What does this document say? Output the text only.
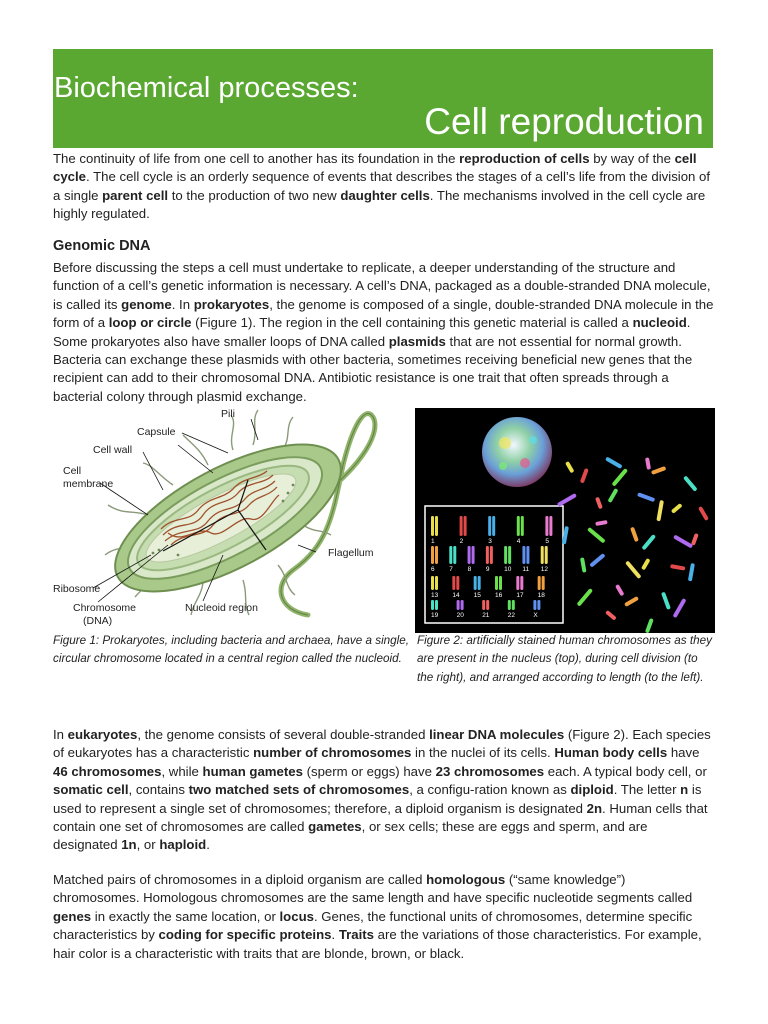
Biochemical processes:
Cell reproduction

The continuity of life from one cell to another has its foundation in the reproduction of cells by way of the cell cycle. The cell cycle is an orderly sequence of events that describes the stages of a cell’s life from the division of a single parent cell to the production of two new daughter cells. The mechanisms involved in the cell cycle are highly regulated.

Genomic DNA

Before discussing the steps a cell must undertake to replicate, a deeper understanding of the structure and function of a cell’s genetic information is necessary. A cell’s DNA, packaged as a double-stranded DNA molecule, is called its genome. In prokaryotes, the genome is composed of a single, double-stranded DNA molecule in the form of a loop or circle (Figure 1). The region in the cell containing this genetic material is called a nucleoid. Some prokaryotes also have smaller loops of DNA called plasmids that are not essential for normal growth. Bacteria can exchange these plasmids with other bacteria, sometimes receiving beneficial new genes that the recipient can add to their chromosomal DNA. Antibiotic resistance is one trait that often spreads through a bacterial colony through plasmid exchange.

Pili
Capsule
Cell wall
Cell
membrane
Flagellum
Ribosome
Chromosome
(DNA)
Nucleoid region
1	2	3	4	5
6 7 8 9 10 11 12
13 14 15 16 17 18
19	20	21	22	X
Figure 1: Prokaryotes, including bacteria and archaea, have a single, circular chromosome located in a central region called the nucleoid.
Figure 2: artificially stained human chromosomes as they are present in the nucleus (top), during cell division (to the right), and arranged according to length (to the left).

In eukaryotes, the genome consists of several double-stranded linear DNA molecules (Figure 2). Each species of eukaryotes has a characteristic number of chromosomes in the nuclei of its cells. Human body cells have 46 chromosomes, while human gametes (sperm or eggs) have 23 chromosomes each. A typical body cell, or somatic cell, contains two matched sets of chromosomes, a configu-ration known as diploid. The letter n is used to represent a single set of chromosomes; therefore, a diploid organism is designated 2n. Human cells that contain one set of chromosomes are called gametes, or sex cells; these are eggs and sperm, and are designated 1n, or haploid.

Matched pairs of chromosomes in a diploid organism are called homologous (“same knowledge”) chromosomes. Homologous chromosomes are the same length and have specific nucleotide segments called genes in exactly the same location, or locus. Genes, the functional units of chromosomes, determine specific characteristics by coding for specific proteins. Traits are the variations of those characteristics. For example, hair color is a characteristic with traits that are blonde, brown, or black.
